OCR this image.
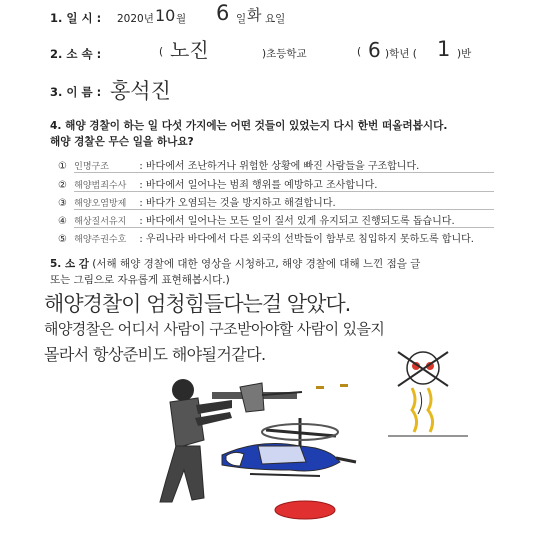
1. 일 시 : 2020년 10 월 6 일 화 요일
2. 소 속 :	( 노진	)초등학교	( 6 )학년 ( 1 )반
3. 이 름 : 홍석진
4. 해양 경찰이 하는 일 다섯 가지에는 어떤 것들이 있었는지 다시 한번 떠올려봅시다.
해양 경찰은 무슨 일을 하나요?
① 인명구조	: 바다에서 조난하거나 위험한 상황에 빠진 사람들을 구조합니다.
② 해양범죄수사 : 바다에서 일어나는 범죄 행위를 예방하고 조사합니다.
③ 해양오염방제 : 바다가 오염되는 것을 방지하고 해결합니다.
④ 해상질서유지 : 바다에서 일어나는 모든 일이 질서 있게 유지되고 진행되도록 돕습니다.
⑤ 해양주권수호 : 우리나라 바다에서 다른 외국의 선박들이 함부로 침입하지 못하도록 합니다.
5. 소 감 (서해 해양 경찰에 대한 영상을 시청하고, 해양 경찰에 대해 느낀 점을 글
또는 그림으로 자유롭게 표현해봅시다.)
해양경찰이 엄청힘들다는걸 알았다.
해양경찰은 어디서 사람이 구조받아야할 사람이 있을지
몰라서 항상준비도 해야될거같다.
